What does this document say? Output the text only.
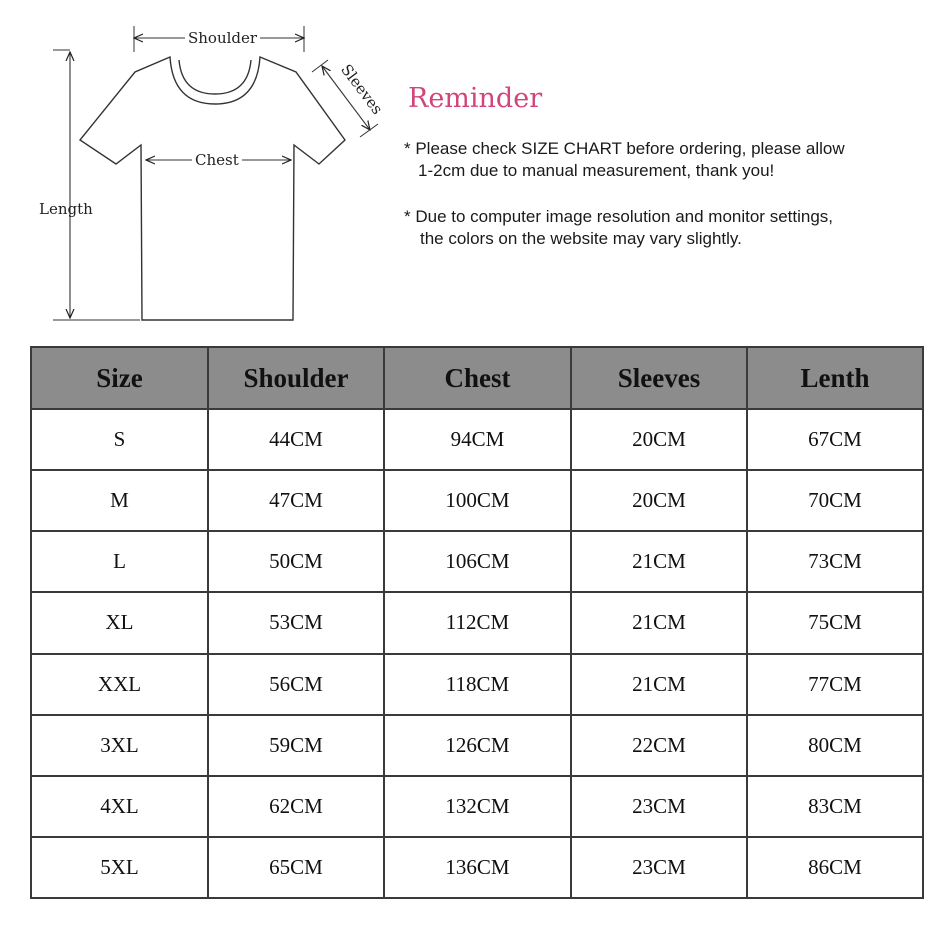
Shoulder
Chest
Length
Sleeves Reminder
* Please check SIZE CHART before ordering, please allow
1-2cm due to manual measurement, thank you!
* Due to computer image resolution and monitor settings,
the colors on the website may vary slightly.
Size	Shoulder	Chest	Sleeves	Lenth
S	44CM	94CM	20CM	67CM
M	47CM	100CM	20CM	70CM
L	50CM	106CM	21CM	73CM
XL	53CM	112CM	21CM	75CM
XXL	56CM	118CM	21CM	77CM
3XL	59CM	126CM	22CM	80CM
4XL	62CM	132CM	23CM	83CM
5XL	65CM	136CM	23CM	86CM
